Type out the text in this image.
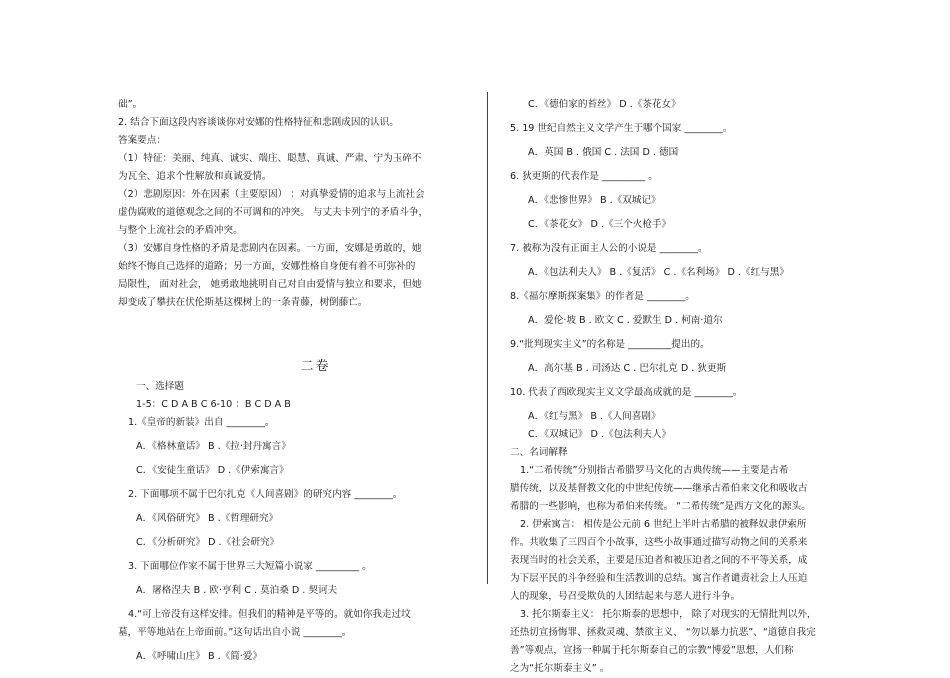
础”。
2. 结合下面这段内容谈谈你对安娜的性格特征和悲剧成因的认识。
答案要点：
（1）特征：美丽、纯真、诚实、端庄、聪慧、真诚、严肃、宁为玉碎不
为瓦全、追求个性解放和真诚爱情。
（2）悲剧原因：外在因素（主要原因） ：对真挚爱情的追求与上流社会
虚伪腐败的道德观念之间的不可调和的冲突。 与丈夫卡列宁的矛盾斗争，
与整个上流社会的矛盾冲突。
（3）安娜自身性格的矛盾是悲剧内在因素。一方面，安娜是勇敢的，她
始终不悔自己选择的道路；另一方面，安娜性格自身便有着不可弥补的
局限性， 面对社会， 她勇敢地挑明自己对自由爱情与独立和要求，但她
却变成了攀扶在伏伦斯基这棵树上的一条青藤，树倒藤亡。
二卷
一、选择题
1-5：C D A B C 6-10 ：B C D A B
1.《皇帝的新装》出自 ________。
A．《格林童话》 B .《拉·封丹寓言》
C．《安徒生童话》 D .《伊索寓言》
2. 下面哪项不属于巴尔扎克《人间喜剧》的研究内容 ________。
A．《风俗研究》 B .《哲理研究》
C．《分析研究》 D .《社会研究》
3. 下面哪位作家不属于世界三大短篇小说家 _________ 。
A．屠格涅夫 B . 欧·亨利 C . 莫泊桑 D . 契诃夫
4.“可上帝没有这样安排。但我们的精神是平等的。就如你我走过坟
墓，平等地站在上帝面前。”这句话出自小说 ________。
A．《呼啸山庄》 B .《简·爱》
C．《德伯家的苔丝》 D .《茶花女》
5. 19 世纪自然主义文学产生于哪个国家 ________。
A．英国 B . 俄国 C . 法国 D . 德国
6. 狄更斯的代表作是 _________ 。
A．《悲惨世界》 B .《双城记》
C．《茶花女》 D .《三个火枪手》
7. 被称为没有正面主人公的小说是 ________。
A．《包法利夫人》 B .《复活》 C .《名利场》 D .《红与黑》
8.《福尔摩斯探案集》的作者是 ________。
A．爱伦·坡 B . 欧文 C . 爱默生 D . 柯南·道尔
9.“批判现实主义”的名称是 _________提出的。
A．高尔基 B . 司汤达 C . 巴尔扎克 D . 狄更斯
10. 代表了西欧现实主义文学最高成就的是 ________。
A．《红与黑》 B .《人间喜剧》
C．《双城记》 D .《包法利夫人》
二、名词解释
1.“二希传统”分别指古希腊罗马文化的古典传统——主要是古希
腊传统，以及基督教文化的中世纪传统——继承古希伯来文化和吸收古
希腊的一些影响，也称为希伯来传统。 “二希传统”是西方文化的源头。
2. 伊索寓言： 相传是公元前 6 世纪上半叶古希腊的被释奴隶伊索所
作。共收集了三四百个小故事，这些小故事通过描写动物之间的关系来
表现当时的社会关系，主要是压迫者和被压迫者之间的不平等关系，成
为下层平民的斗争经验和生活教训的总结。寓言作者谴责社会上人压迫
人的现象，号召受欺负的人团结起来与恶人进行斗争。
3. 托尔斯泰主义： 托尔斯泰的思想中， 除了对现实的无情批判以外，
还热切宣扬悔罪、拯救灵魂、禁欲主义、 “勿以暴力抗恶”、“道德自我完
善”等观点，宣扬一种属于托尔斯泰自己的宗教“博爱”思想，人们称
之为“托尔斯泰主义” 。
